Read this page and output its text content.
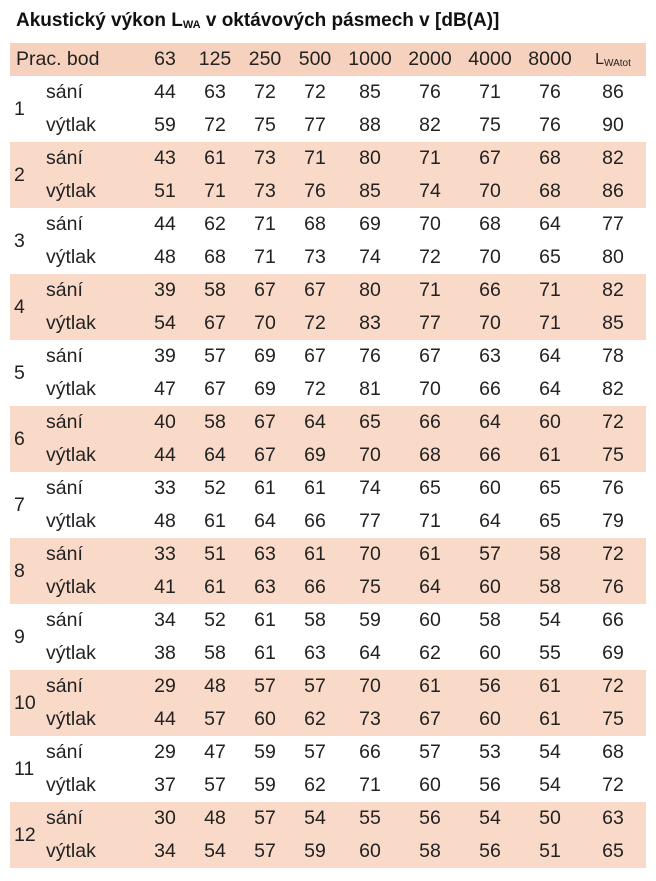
Akustický výkon $L_{WA}$ v oktávových pásmech v [dB(A)]
Prac. bod		63	125	250	500	1000	2000	4000	8000	$L_{WAtot}$
1	sání	44	63	72	72	85	76	71	76	86
	výtlak	59	72	75	77	88	82	75	76	90
2	sání	43	61	73	71	80	71	67	68	82
	výtlak	51	71	73	76	85	74	70	68	86
3	sání	44	62	71	68	69	70	68	64	77
	výtlak	48	68	71	73	74	72	70	65	80
4	sání	39	58	67	67	80	71	66	71	82
	výtlak	54	67	70	72	83	77	70	71	85
5	sání	39	57	69	67	76	67	63	64	78
	výtlak	47	67	69	72	81	70	66	64	82
6	sání	40	58	67	64	65	66	64	60	72
	výtlak	44	64	67	69	70	68	66	61	75
7	sání	33	52	61	61	74	65	60	65	76
	výtlak	48	61	64	66	77	71	64	65	79
8	sání	33	51	63	61	70	61	57	58	72
	výtlak	41	61	63	66	75	64	60	58	76
9	sání	34	52	61	58	59	60	58	54	66
	výtlak	38	58	61	63	64	62	60	55	69
10	sání	29	48	57	57	70	61	56	61	72
	výtlak	44	57	60	62	73	67	60	61	75
11	sání	29	47	59	57	66	57	53	54	68
	výtlak	37	57	59	62	71	60	56	54	72
12	sání	30	48	57	54	55	56	54	50	63
	výtlak	34	54	57	59	60	58	56	51	65
